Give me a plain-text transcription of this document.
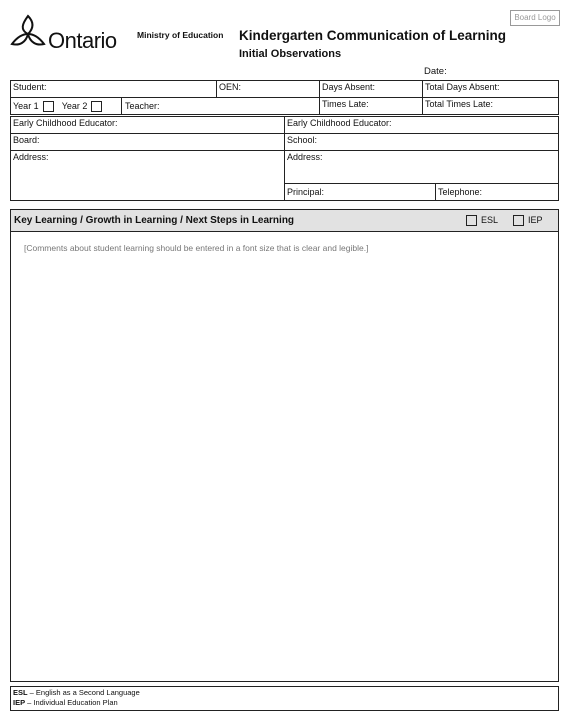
Ontario Ministry of Education Kindergarten Communication of Learning
Initial Observations
Board Logo
Date:
Student:	OEN:	Days Absent:	Total Days Absent:

Year 1 Year 2 Teacher:		Times Late:	Total Times Late:
Early Childhood Educator:	Early Childhood Educator:	
Board:	School:	
Address:	Address:	
	Principal:	Telephone:
Key Learning / Growth in Learning / Next Steps in Learning	ESL	IEP
[Comments about student learning should be entered in a font size that is clear and legible.]
ESL – English as a Second Language
IEP – Individual Education Plan
